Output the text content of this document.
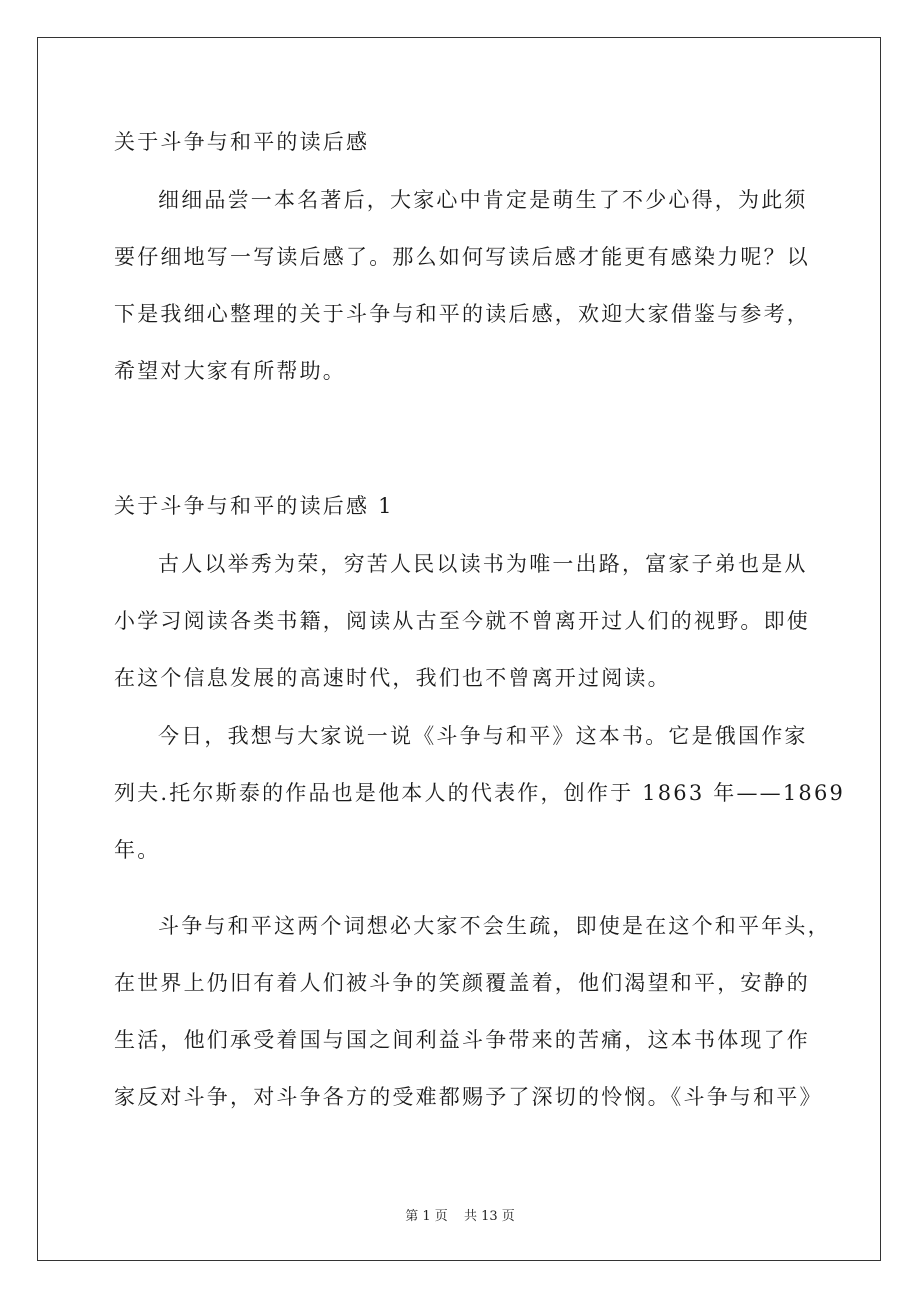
关于斗争与和平的读后感
细细品尝一本名著后，大家心中肯定是萌生了不少心得，为此须
要仔细地写一写读后感了。那么如何写读后感才能更有感染力呢？以
下是我细心整理的关于斗争与和平的读后感，欢迎大家借鉴与参考，
希望对大家有所帮助。
关于斗争与和平的读后感 1
古人以举秀为荣，穷苦人民以读书为唯一出路，富家子弟也是从
小学习阅读各类书籍，阅读从古至今就不曾离开过人们的视野。即使
在这个信息发展的高速时代，我们也不曾离开过阅读。
今日，我想与大家说一说《斗争与和平》这本书。它是俄国作家
列夫.托尔斯泰的作品也是他本人的代表作，创作于 1863 年——1869
年。
斗争与和平这两个词想必大家不会生疏，即使是在这个和平年头，
在世界上仍旧有着人们被斗争的笑颜覆盖着，他们渴望和平，安静的
生活，他们承受着国与国之间利益斗争带来的苦痛，这本书体现了作
家反对斗争，对斗争各方的受难都赐予了深切的怜悯。《斗争与和平》
第 1 页 共 13 页
